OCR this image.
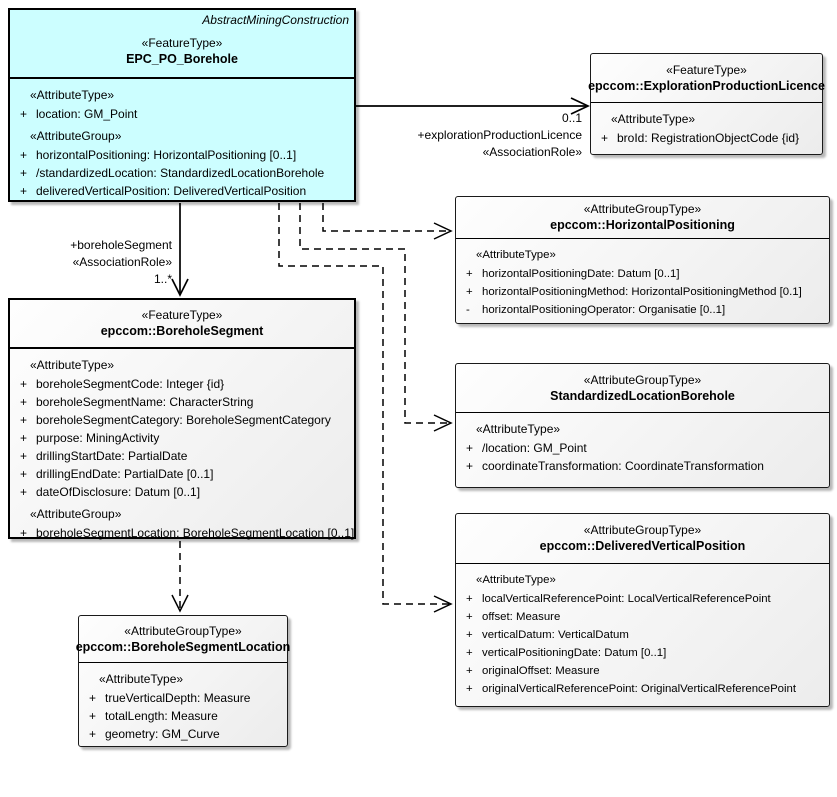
AbstractMiningConstruction
«FeatureType»
EPC_PO_Borehole
«AttributeType»
+ location: GM_Point
«AttributeGroup»
+ horizontalPositioning: HorizontalPositioning [0..1]
+ /standardizedLocation: StandardizedLocationBorehole
+ deliveredVerticalPosition: DeliveredVerticalPosition
«FeatureType»
epccom::ExplorationProductionLicence
«AttributeType»
+ broId: RegistrationObjectCode {id}
«AttributeGroupType»
epccom::HorizontalPositioning
«AttributeType»
+ horizontalPositioningDate: Datum [0..1]
+ horizontalPositioningMethod: HorizontalPositioningMethod [0.1]
-	horizontalPositioningOperator: Organisatie [0..1]
«FeatureType»
epccom::BoreholeSegment
«AttributeType»
+ boreholeSegmentCode: Integer {id}
+ boreholeSegmentName: CharacterString
+ boreholeSegmentCategory: BoreholeSegmentCategory
+ purpose: MiningActivity
+ drillingStartDate: PartialDate
+ drillingEndDate: PartialDate [0..1]
+ dateOfDisclosure: Datum [0..1]
«AttributeGroup»
+ boreholeSegmentLocation: BoreholeSegmentLocation [0..1]
«AttributeGroupType»
StandardizedLocationBorehole
«AttributeType»
+ /location: GM_Point
+ coordinateTransformation: CoordinateTransformation
«AttributeGroupType»
epccom::DeliveredVerticalPosition
«AttributeType»
+ localVerticalReferencePoint: LocalVerticalReferencePoint
+ offset: Measure
+ verticalDatum: VerticalDatum
+ verticalPositioningDate: Datum [0..1]
+ originalOffset: Measure
+ originalVerticalReferencePoint: OriginalVerticalReferencePoint
«AttributeGroupType»
epccom::BoreholeSegmentLocation
«AttributeType»
+ trueVerticalDepth: Measure
+ totalLength: Measure
+ geometry: GM_Curve
0..1
+explorationProductionLicence
«AssociationRole»
+boreholeSegment
«AssociationRole»
1..*
